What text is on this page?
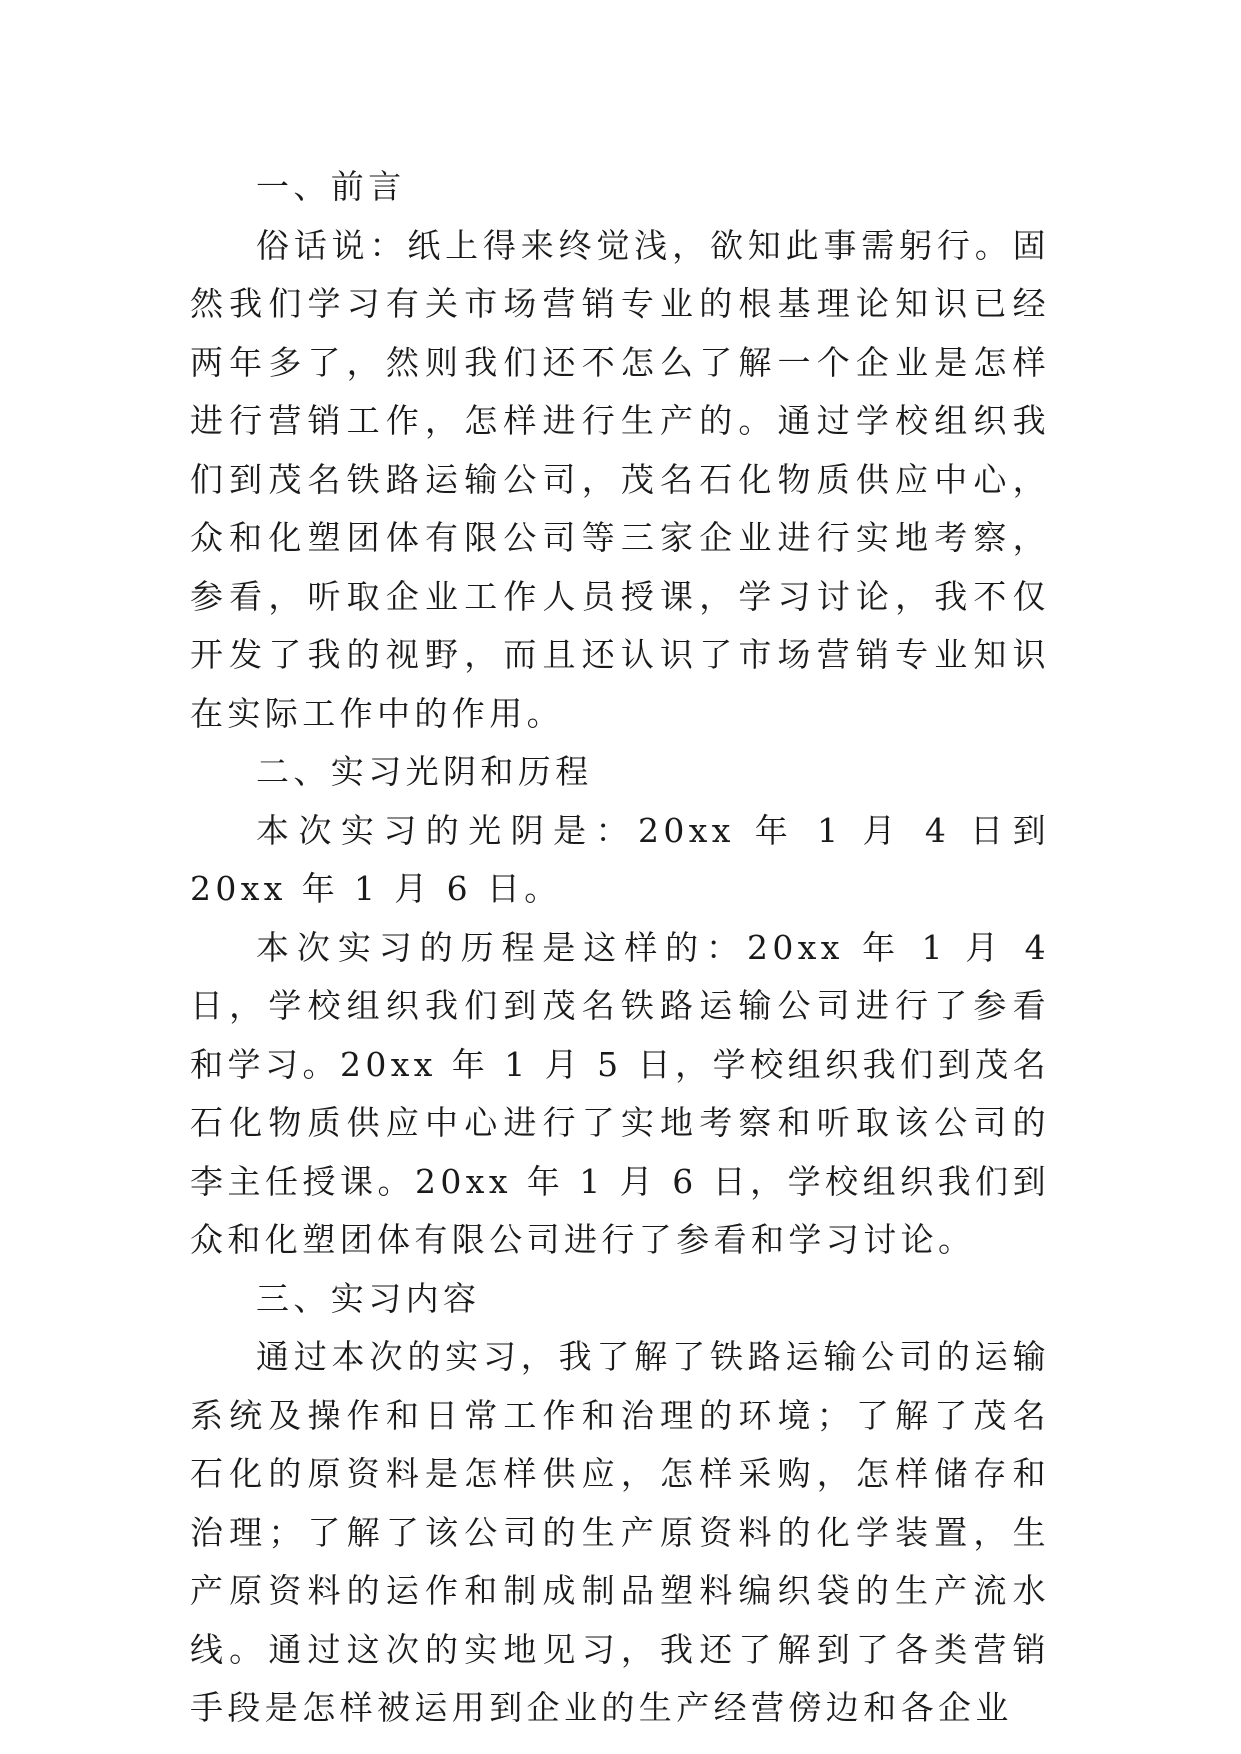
一、前言

俗话说：纸上得来终觉浅，欲知此事需躬行。固然我们学习有关市场营销专业的根基理论知识已经两年多了，然则我们还不怎么了解一个企业是怎样进行营销工作，怎样进行生产的。通过学校组织我们到茂名铁路运输公司，茂名石化物质供应中心，众和化塑团体有限公司等三家企业进行实地考察，参看，听取企业工作人员授课，学习讨论，我不仅开发了我的视野，而且还认识了市场营销专业知识在实际工作中的作用。

二、实习光阴和历程

本次实习的光阴是：20xx 年 1 月 4 日到 20xx 年 1 月 6 日。

本次实习的历程是这样的：20xx 年 1 月 4 日，学校组织我们到茂名铁路运输公司进行了参看和学习。20xx 年 1 月 5 日，学校组织我们到茂名石化物质供应中心进行了实地考察和听取该公司的李主任授课。20xx 年 1 月 6 日，学校组织我们到众和化塑团体有限公司进行了参看和学习讨论。

三、实习内容

通过本次的实习，我了解了铁路运输公司的运输系统及操作和日常工作和治理的环境；了解了茂名石化的原资料是怎样供应，怎样采购，怎样储存和治理；了解了该公司的生产原资料的化学装置，生产原资料的运作和制成制品塑料编织袋的生产流水线。通过这次的实地见习，我还了解到了各类营销手段是怎样被运用到企业的生产经营傍边和各企业
